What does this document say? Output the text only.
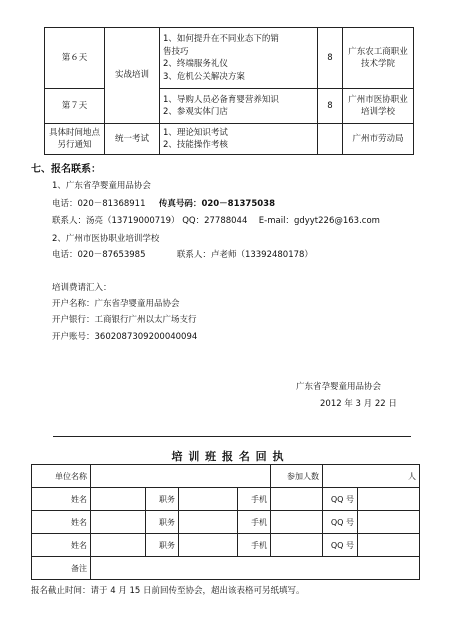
第６天	实战培训	1、如何提升在不同业态下的销
售技巧
2、终端服务礼仪
3、危机公关解决方案	8	广东农工商职业技术学院
第７天		1、导购人员必备育婴营养知识
2、参观实体门店	8	广州市医协职业培训学校
具体时间地点另行通知	统一考试	1、理论知识考试
2、技能操作考核		广州市劳动局
七、报名联系：
1、广东省孕婴童用品协会
电话：020－81368911 传真号码：020－81375038
联系人：汤亮（13719000719） QQ：27788044 E-mail：gdyyt226@163.com
2、广州市医协职业培训学校
电话：020－87653985	联系人：卢老师（13392480178）
培训费请汇入：
开户名称：广东省孕婴童用品协会
开户银行：工商银行广州以太广场支行
开户账号：3602087309200040094
广东省孕婴童用品协会
2012 年 3 月 22 日
培 训 班 报 名 回 执
单位名称					参加人数	人	
姓名		职务		手机		QQ 号	
姓名		职务		手机		QQ 号	
姓名		职务		手机		QQ 号	
备注							
报名截止时间：请于 4 月 15 日前回传至协会，超出该表格可另纸填写。
